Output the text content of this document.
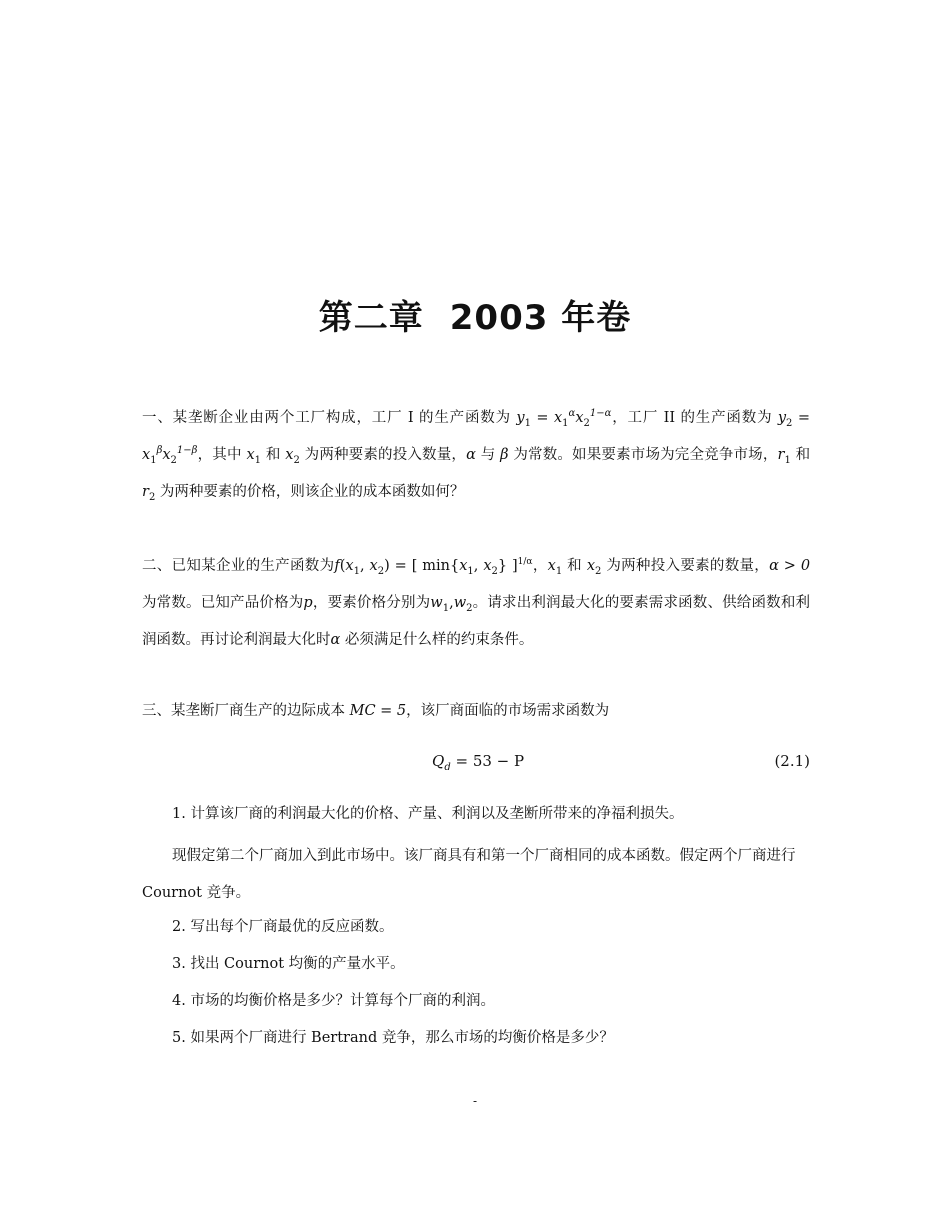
第二章 2003 年卷
一、某垄断企业由两个工厂构成，工厂 I 的生产函数为 $y_1 = x_1^\alpha x_2^{1-\alpha}$，工厂 II 的生产函数为 $y_2 = x_1^\beta x_2^{1-\beta}$，其中 $x_1$ 和 $x_2$ 为两种要素的投入数量，α 与 β 为常数。如果要素市场为完全竞争市场，$r_1$ 和 $r_2$ 为两种要素的价格，则该企业的成本函数如何？
二、已知某企业的生产函数为$f(x_1$, $x_2$) = [ $\min\{x_1$, $x_2$} ]$^{1/\alpha}$，$x_1$ 和 $x_2$ 为两种投入要素的数量，α > 0 为常数。已知产品价格为p，要素价格分别为$w_1,w_2$。请求出利润最大化的要素需求函数、供给函数和利润函数。再讨论利润最大化时α 必须满足什么样的约束条件。
三、某垄断厂商生产的边际成本 MC = 5，该厂商面临的市场需求函数为
$Q_d = 53 - P$	(2.1)
1. 计算该厂商的利润最大化的价格、产量、利润以及垄断所带来的净福利损失。
现假定第二个厂商加入到此市场中。该厂商具有和第一个厂商相同的成本函数。假定两个厂商进行 Cournot 竞争。
2. 写出每个厂商最优的反应函数。
3. 找出 Cournot 均衡的产量水平。
4. 市场的均衡价格是多少？计算每个厂商的利润。
5. 如果两个厂商进行 Bertrand 竞争，那么市场的均衡价格是多少？
-
